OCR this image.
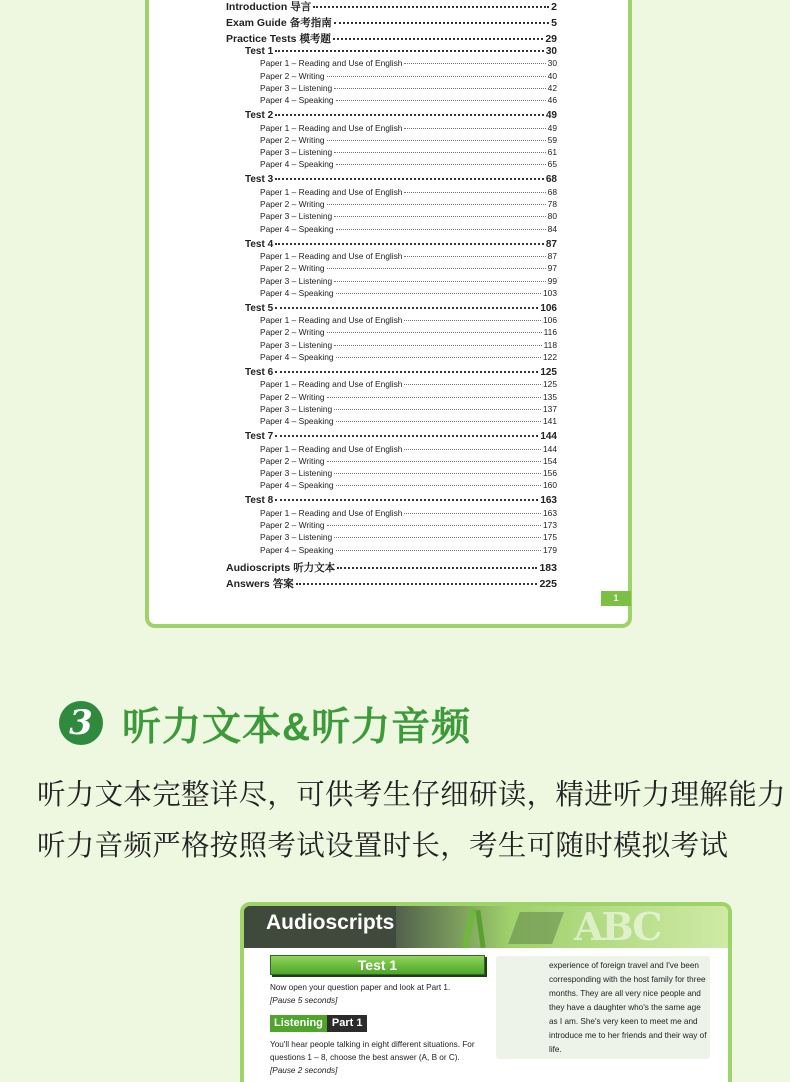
Introduction 导言	2
Exam Guide 备考指南	5
Practice Tests 模考题	29
Test 1	30
Paper 1 – Reading and Use of English	30
Paper 2 – Writing	40
Paper 3 – Listening	42
Paper 4 – Speaking	46
Test 2	49
Paper 1 – Reading and Use of English	49
Paper 2 – Writing	59
Paper 3 – Listening	61
Paper 4 – Speaking	65
Test 3	68
Paper 1 – Reading and Use of English	68
Paper 2 – Writing	78
Paper 3 – Listening	80
Paper 4 – Speaking	84
Test 4	87
Paper 1 – Reading and Use of English	87
Paper 2 – Writing	97
Paper 3 – Listening	99
Paper 4 – Speaking	103
Test 5	106
Paper 1 – Reading and Use of English	106
Paper 2 – Writing	116
Paper 3 – Listening	118
Paper 4 – Speaking	122
Test 6	125
Paper 1 – Reading and Use of English	125
Paper 2 – Writing	135
Paper 3 – Listening	137
Paper 4 – Speaking	141
Test 7	144
Paper 1 – Reading and Use of English	144
Paper 2 – Writing	154
Paper 3 – Listening	156
Paper 4 – Speaking	160
Test 8	163
Paper 1 – Reading and Use of English	163
Paper 2 – Writing	173
Paper 3 – Listening	175
Paper 4 – Speaking	179
Audioscripts 听力文本	183
Answers 答案	225
1
3 听力文本&听力音频
听力文本完整详尽，可供考生仔细研读，精进听力理解能力
听力音频严格按照考试设置时长，考生可随时模拟考试
ABC
Audioscripts
Test 1
Now open your question paper and look at Part 1.
[Pause 5 seconds]
Listening Part 1
You'll hear people talking in eight different situations. For questions 1 – 8, choose the best answer (A, B or C).
[Pause 2 seconds]
experience of foreign travel and I've been corresponding with the host family for three months. They are all very nice people and they have a daughter who's the same age as I am. She's very keen to meet me and introduce me to her friends and their way of life.
